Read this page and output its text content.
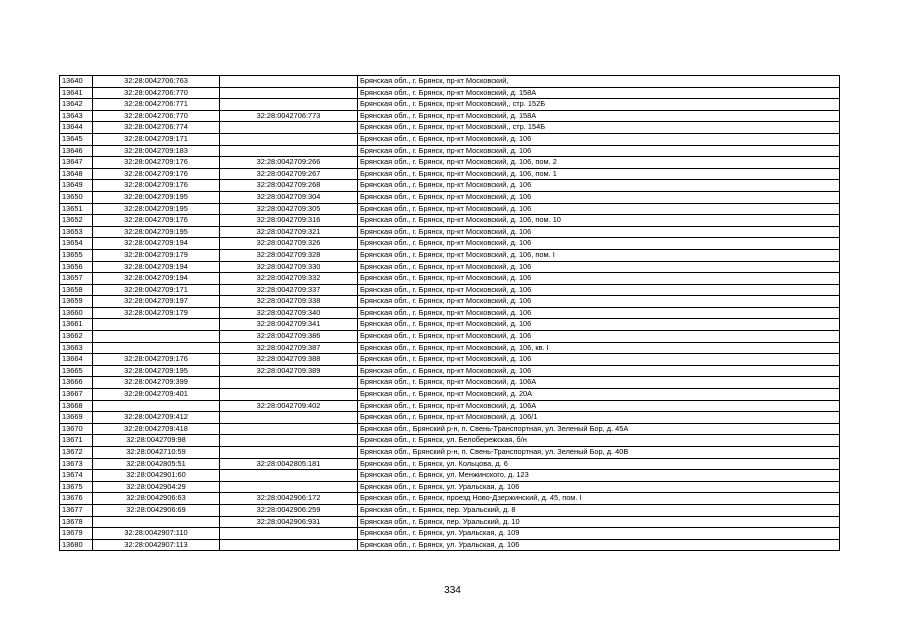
13640	32:28:0042706:763		Брянская обл., г. Брянск, пр-кт Московский,
13641	32:28:0042706:770		Брянская обл., г. Брянск, пр-кт Московский, д. 158А
13642	32:28:0042706:771		Брянская обл., г. Брянск, пр-кт Московский,, стр. 152Б
13643	32:28:0042706:770	32:28:0042706:773	Брянская обл., г. Брянск, пр-кт Московский, д. 158А
13644	32:28:0042706:774		Брянская обл., г. Брянск, пр-кт Московский,, стр. 154Б
13645	32:28:0042709:171		Брянская обл., г. Брянск, пр-кт Московский, д. 106
13646	32:28:0042709:183		Брянская обл., г. Брянск, пр-кт Московский, д. 106
13647	32:28:0042709:176	32:28:0042709:266	Брянская обл., г. Брянск, пр-кт Московский, д. 106, пом. 2
13648	32:28:0042709:176	32:28:0042709:267	Брянская обл., г. Брянск, пр-кт Московский, д. 106, пом. 1
13649	32:28:0042709:176	32:28:0042709:268	Брянская обл., г. Брянск, пр-кт Московский, д. 106
13650	32:28:0042709:195	32:28:0042709:304	Брянская обл., г. Брянск, пр-кт Московский, д. 106
13651	32:28:0042709:195	32:28:0042709:305	Брянская обл., г. Брянск, пр-кт Московский, д. 106
13652	32:28:0042709:176	32:28:0042709:316	Брянская обл., г. Брянск, пр-кт Московский, д. 106, пом. 10
13653	32:28:0042709:195	32:28:0042709:321	Брянская обл., г. Брянск, пр-кт Московский, д. 106
13654	32:28:0042709:194	32:28:0042709:326	Брянская обл., г. Брянск, пр-кт Московский, д. 106
13655	32:28:0042709:179	32:28:0042709:328	Брянская обл., г. Брянск, пр-кт Московский, д. 106, пом. I
13656	32:28:0042709:194	32:28:0042709:330	Брянская обл., г. Брянск, пр-кт Московский, д. 106
13657	32:28:0042709:194	32:28:0042709:332	Брянская обл., г. Брянск, пр-кт Московский, д. 106
13658	32:28:0042709:171	32:28:0042709:337	Брянская обл., г. Брянск, пр-кт Московский, д. 106
13659	32:28:0042709:197	32:28:0042709:338	Брянская обл., г. Брянск, пр-кт Московский, д. 106
13660	32:28:0042709:179	32:28:0042709:340	Брянская обл., г. Брянск, пр-кт Московский, д. 106
13661		32:28:0042709:341	Брянская обл., г. Брянск, пр-кт Московский, д. 106
13662		32:28:0042709:386	Брянская обл., г. Брянск, пр-кт Московский, д. 106
13663		32:28:0042709:387	Брянская обл., г. Брянск, пр-кт Московский, д. 106, кв. I
13664	32:28:0042709:176	32:28:0042709:388	Брянская обл., г. Брянск, пр-кт Московский, д. 106
13665	32:28:0042709:195	32:28:0042709:389	Брянская обл., г. Брянск, пр-кт Московский, д. 106
13666	32:28:0042709:399		Брянская обл., г. Брянск, пр-кт Московский, д. 106А
13667	32:28:0042709:401		Брянская обл., г. Брянск, пр-кт Московский, д. 20А
13668		32:28:0042709:402	Брянская обл., г. Брянск, пр-кт Московский, д. 106А
13669	32:28:0042709:412		Брянская обл., г. Брянск, пр-кт Московский, д. 106/1
13670	32:28:0042709:418		Брянская обл., Брянский р-н, п. Свень-Транспортная, ул. Зеленый Бор, д. 45А
13671	32:28:0042709:98		Брянская обл., г. Брянск, ул. Белобережская, б/н
13672	32:28:0042710:59		Брянская обл., Брянский р-н, п. Свень-Транспортная, ул. Зеленый Бор, д. 40В
13673	32:28:0042805:51	32:28:0042805:181	Брянская обл., г. Брянск, ул. Кольцова, д. 6
13674	32:28:0042901:60		Брянская обл., г. Брянск, ул. Менжинского, д. 123
13675	32:28:0042904:29		Брянская обл., г. Брянск, ул. Уральская, д. 106
13676	32:28:0042906:63	32:28:0042906:172	Брянская обл., г. Брянск, проезд Ново-Дзержинский, д. 45, пом. I
13677	32:28:0042906:69	32:28:0042906:259	Брянская обл., г. Брянск, пер. Уральский, д. 8
13678		32:28:0042906:931	Брянская обл., г. Брянск, пер. Уральский, д. 10
13679	32:28:0042907:110		Брянская обл., г. Брянск, ул. Уральская, д. 109
13680	32:28:0042907:113		Брянская обл., г. Брянск, ул. Уральская, д. 106
334
